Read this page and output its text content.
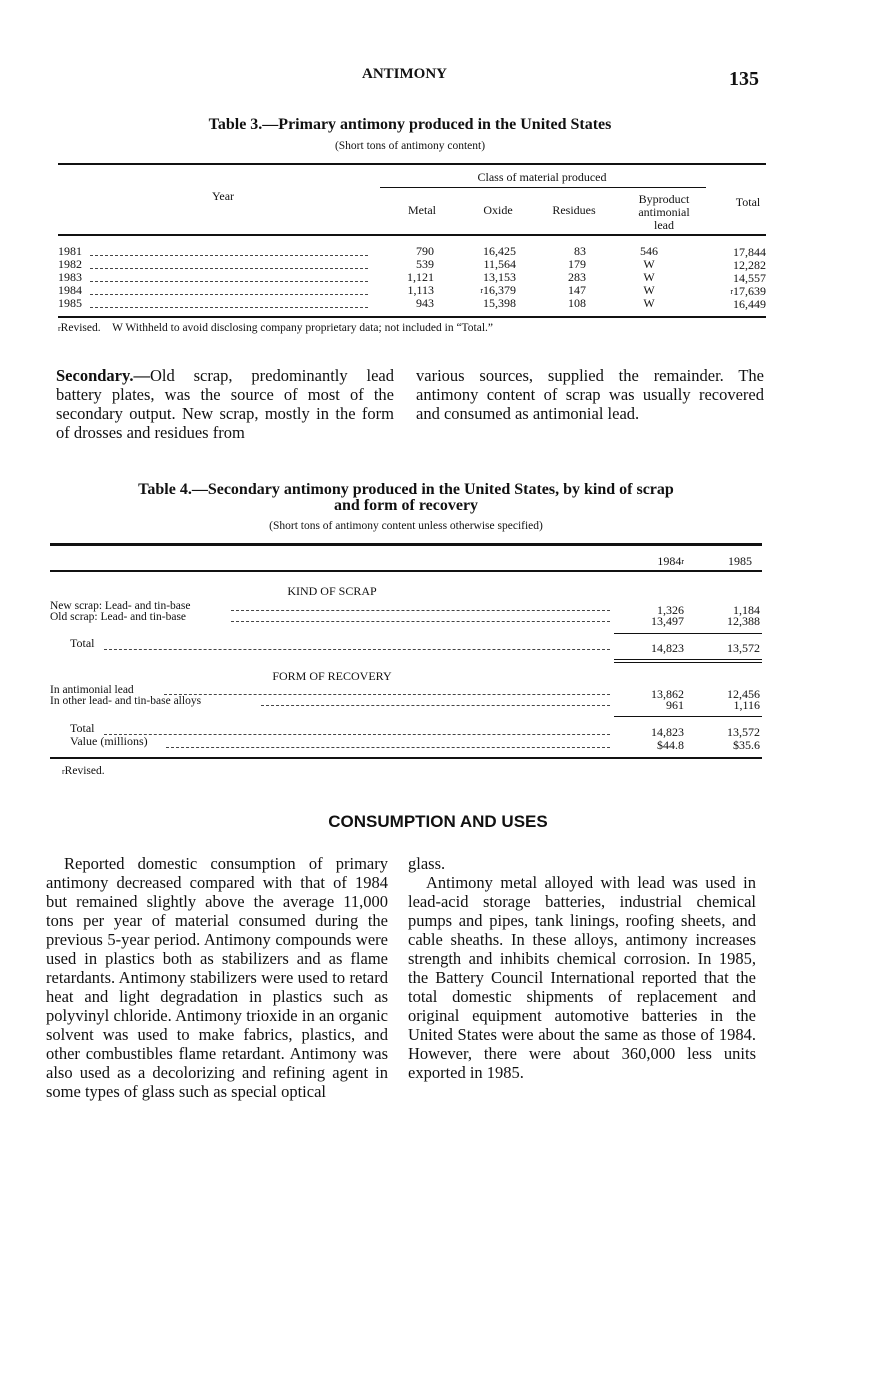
ANTIMONY	135
Table 3.—Primary antimony produced in the United States
(Short tons of antimony content)
Class of material produced
Year
Metal	Oxide	Residues
Byproduct
antimonial
lead
Total
1981	790	16,425	83	546	17,844
1982	539	11,564	179	W	12,282
1983	1,121	13,153	283	W	14,557
1984	1,113	$^r$16,379	147	W	$^r$17,639
1985	943	15,398	108	W	16,449
$^r$Revised.    W Withheld to avoid disclosing company proprietary data; not included in “Total.”
Secondary.—Old scrap, predominantly lead battery plates, was the source of most of the secondary output. New scrap, mostly in the form of drosses and residues from
various sources, supplied the remainder. The antimony content of scrap was usually recovered and consumed as antimonial lead.
Table 4.—Secondary antimony produced in the United States, by kind of scrap
and form of recovery
(Short tons of antimony content unless otherwise specified)
1984$^r$	1985
KIND OF SCRAP
New scrap: Lead- and tin-base	1,326	1,184
Old scrap: Lead- and tin-base	13,497	12,388
Total	14,823	13,572
FORM OF RECOVERY
In antimonial lead	13,862	12,456
In other lead- and tin-base alloys	961	1,116
Total	14,823	13,572
Value (millions)	$44.8	$35.6
$^r$Revised.
CONSUMPTION AND USES
Reported domestic consumption of primary antimony decreased compared with that of 1984 but remained slightly above the average 11,000 tons per year of material consumed during the previous 5-year period. Antimony compounds were used in plastics both as stabilizers and as flame retardants. Antimony stabilizers were used to retard heat and light degradation in plastics such as polyvinyl chloride. Antimony trioxide in an organic solvent was used to make fabrics, plastics, and other combustibles flame retardant. Antimony was also used as a decolorizing and refining agent in some types of glass such as special optical
glass.
Antimony metal alloyed with lead was used in lead-acid storage batteries, industrial chemical pumps and pipes, tank linings, roofing sheets, and cable sheaths. In these alloys, antimony increases strength and inhibits chemical corrosion. In 1985, the Battery Council International reported that the total domestic shipments of replacement and original equipment automotive batteries in the United States were about the same as those of 1984. However, there were about 360,000 less units exported in 1985.
